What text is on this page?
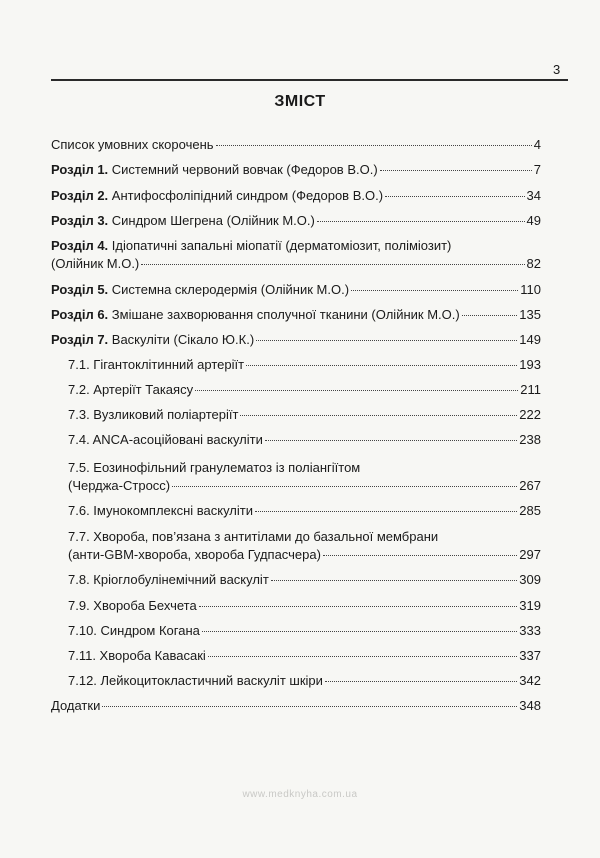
3
ЗМІСТ
Список умовних скорочень	4
Розділ 1. Системний червоний вовчак (Федоров В.О.)	7
Розділ 2. Антифосфоліпідний синдром (Федоров В.О.)	34
Розділ 3. Синдром Шегрена (Олійник М.О.)	49
Розділ 4. Ідіопатичні запальні міопатії (дерматоміозит, поліміозит)
(Олійник М.О.)	82
Розділ 5. Системна склеродермія (Олійник М.О.)	110
Розділ 6. Змішане захворювання сполучної тканини (Олійник М.О.)	135
Розділ 7. Васкуліти (Сікало Ю.К.)	149
7.1. Гігантоклітинний артеріїт	193
7.2. Артеріїт Такаясу	211
7.3. Вузликовий поліартеріїт	222
7.4. ANCA-асоційовані васкуліти	238
7.5. Еозинофільний гранулематоз із поліангіїтом
(Черджа-Стросс)	267
7.6. Імунокомплексні васкуліти	285
7.7. Хвороба, пов’язана з антитілами до базальної мембрани
(анти-GBM-хвороба, хвороба Гудпасчера)	297
7.8. Кріоглобулінемічний васкуліт	309
7.9. Хвороба Бехчета	319
7.10. Синдром Когана	333
7.11. Хвороба Кавасакі	337
7.12. Лейкоцитокластичний васкуліт шкіри	342
Додатки	348
www.medknyha.com.ua
